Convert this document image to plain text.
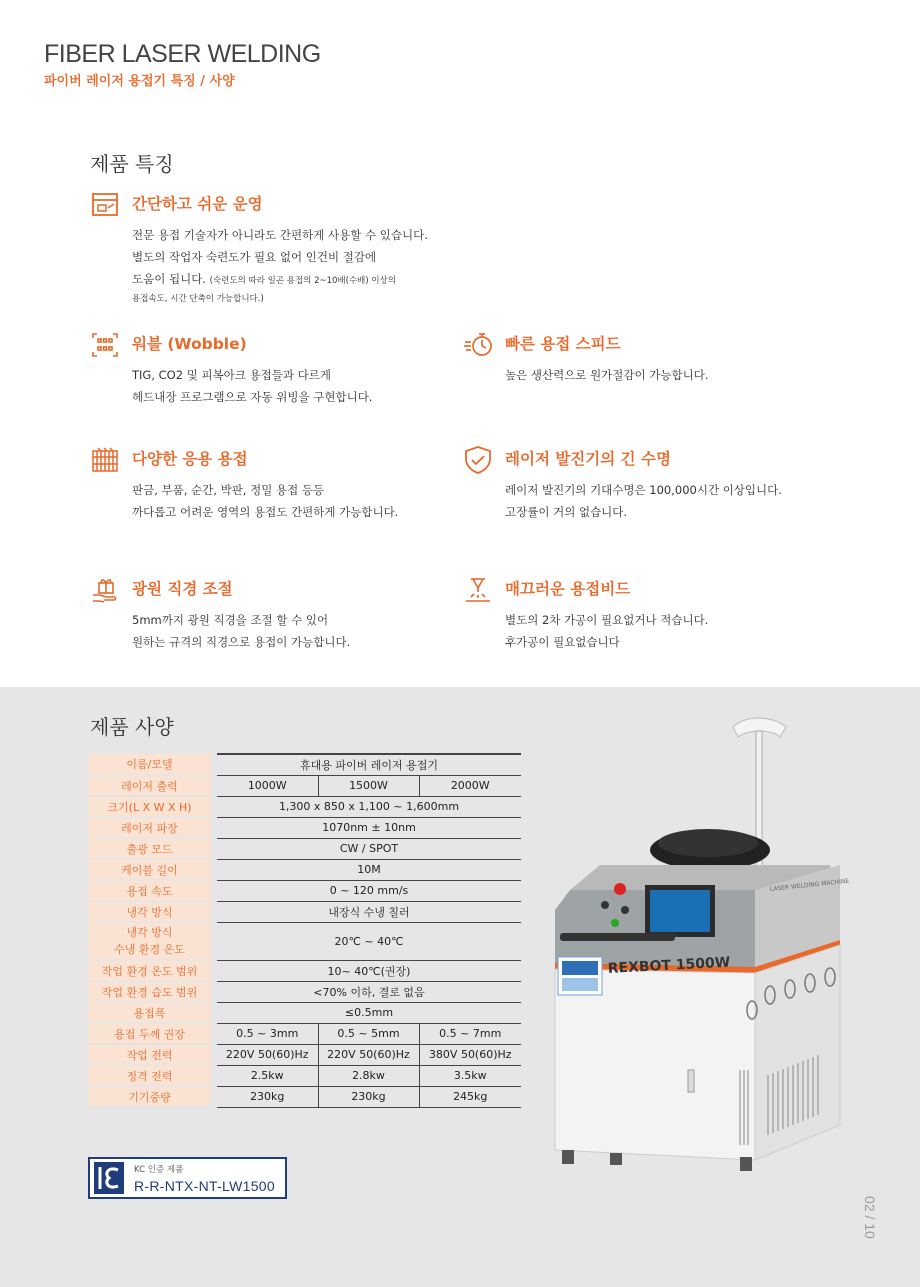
FIBER LASER WELDING
파이버 레이저 용접기 특징 / 사양
제품 특징
간단하고 쉬운 운영
전문 용접 기술자가 아니라도 간편하게 사용할 수 있습니다.
별도의 작업자 숙련도가 필요 없어 인건비 절감에
도움이 됩니다. (숙련도의 따라 일곤 용접의 2~10배(수배) 이상의
용접속도, 시간 단축이 가능합니다.)
워블 (Wobble)
TIG, CO2 및 피복아크 용접들과 다르게
헤드내장 프로그램으로 자동 위빙을 구현합니다.
빠른 용접 스피드
높은 생산력으로 원가절감이 가능합니다.
다양한 응용 용접
판금, 부품, 순간, 박판, 정밀 용접 등등
까다롭고 어려운 영역의 용접도 간편하게 가능합니다.
레이저 발진기의 긴 수명
레이저 발진기의 기대수명은 100,000시간 이상입니다.
고장률이 거의 없습니다.
광원 직경 조절
5mm까지 광원 직경을 조절 할 수 있어
원하는 규격의 직경으로 용접이 가능합니다.
매끄러운 용접비드
별도의 2차 가공이 필요없거나 적습니다.
후가공이 필요없습니다
제품 사양
이름/모델		휴대용 파이버 레이저 용접기		

레이저 출력		1000W	1500W	2000W

크기(L X W X H)		1,300 x 850 x 1,100 ~ 1,600mm		

레이저 파장		1070nm ± 10nm		

출광 모드		CW / SPOT		

케이블 길이		10M		

용접 속도		0 ~ 120 mm/s		

냉각 방식		내장식 수냉 칠러		

냉각 방식
수냉 환경 온도		20℃ ~ 40℃		

작업 환경 온도 범위		10~ 40℃(권장)		

작업 환경 습도 범위		<70% 이하, 결로 없음		

용접폭		≤0.5mm		

용접 두께 권장		0.5 ~ 3mm	0.5 ~ 5mm	0.5 ~ 7mm

작업 전력		220V 50(60)Hz	220V 50(60)Hz	380V 50(60)Hz

정격 전력		2.5kw	2.8kw	3.5kw

기기중량		230kg	230kg	245kg
LASER WELDING MACHINE
REXBOT 1500W
KC 인증 제품
R-R-NTX-NT-LW1500
02 / 10
